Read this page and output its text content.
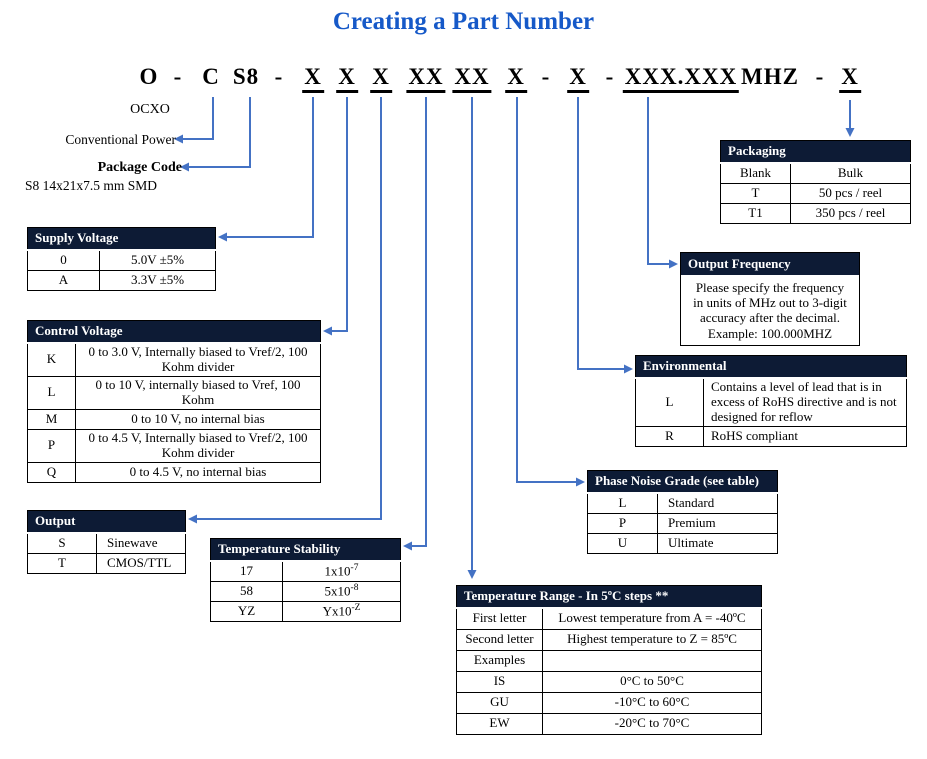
Creating a Part Number
O - C S8 - X X X XX XX X - X - XXX.XXX MHZ - X
OCXO
Conventional Power
Package Code
S8 14x21x7.5 mm SMD
Supply Voltage	
0	5.0V ±5%
A	3.3V ±5%
Control Voltage	
K	0 to 3.0 V, Internally biased to Vref/2, 100 Kohm divider
L	0 to 10 V, internally biased to Vref, 100 Kohm
M	0 to 10 V, no internal bias
P	0 to 4.5 V, Internally biased to Vref/2, 100 Kohm divider
Q	0 to 4.5 V, no internal bias
Output	
S	Sinewave
T	CMOS/TTL
Temperature Stability	
17	$1x10^{-7}$
58	$5x10^{-8}$
YZ	$Yx10^{-Z}$
Temperature Range - In 5ºC steps **	
First letter	Lowest temperature from A = -40ºC
Second letter	Highest temperature to Z = 85ºC
Examples	
IS	0°C to 50°C
GU	-10°C to 60°C
EW	-20°C to 70°C
Phase Noise Grade (see table)	
L	Standard
P	Premium
U	Ultimate
Environmental	
L	Contains a level of lead that is in excess of RoHS directive and is not designed for reflow
R	RoHS compliant
Output Frequency
Please specify the frequency
in units of MHz out to 3-digit
accuracy after the decimal.
Example: 100.000MHZ
Packaging	
Blank	Bulk
T	50 pcs / reel
T1	350 pcs / reel
